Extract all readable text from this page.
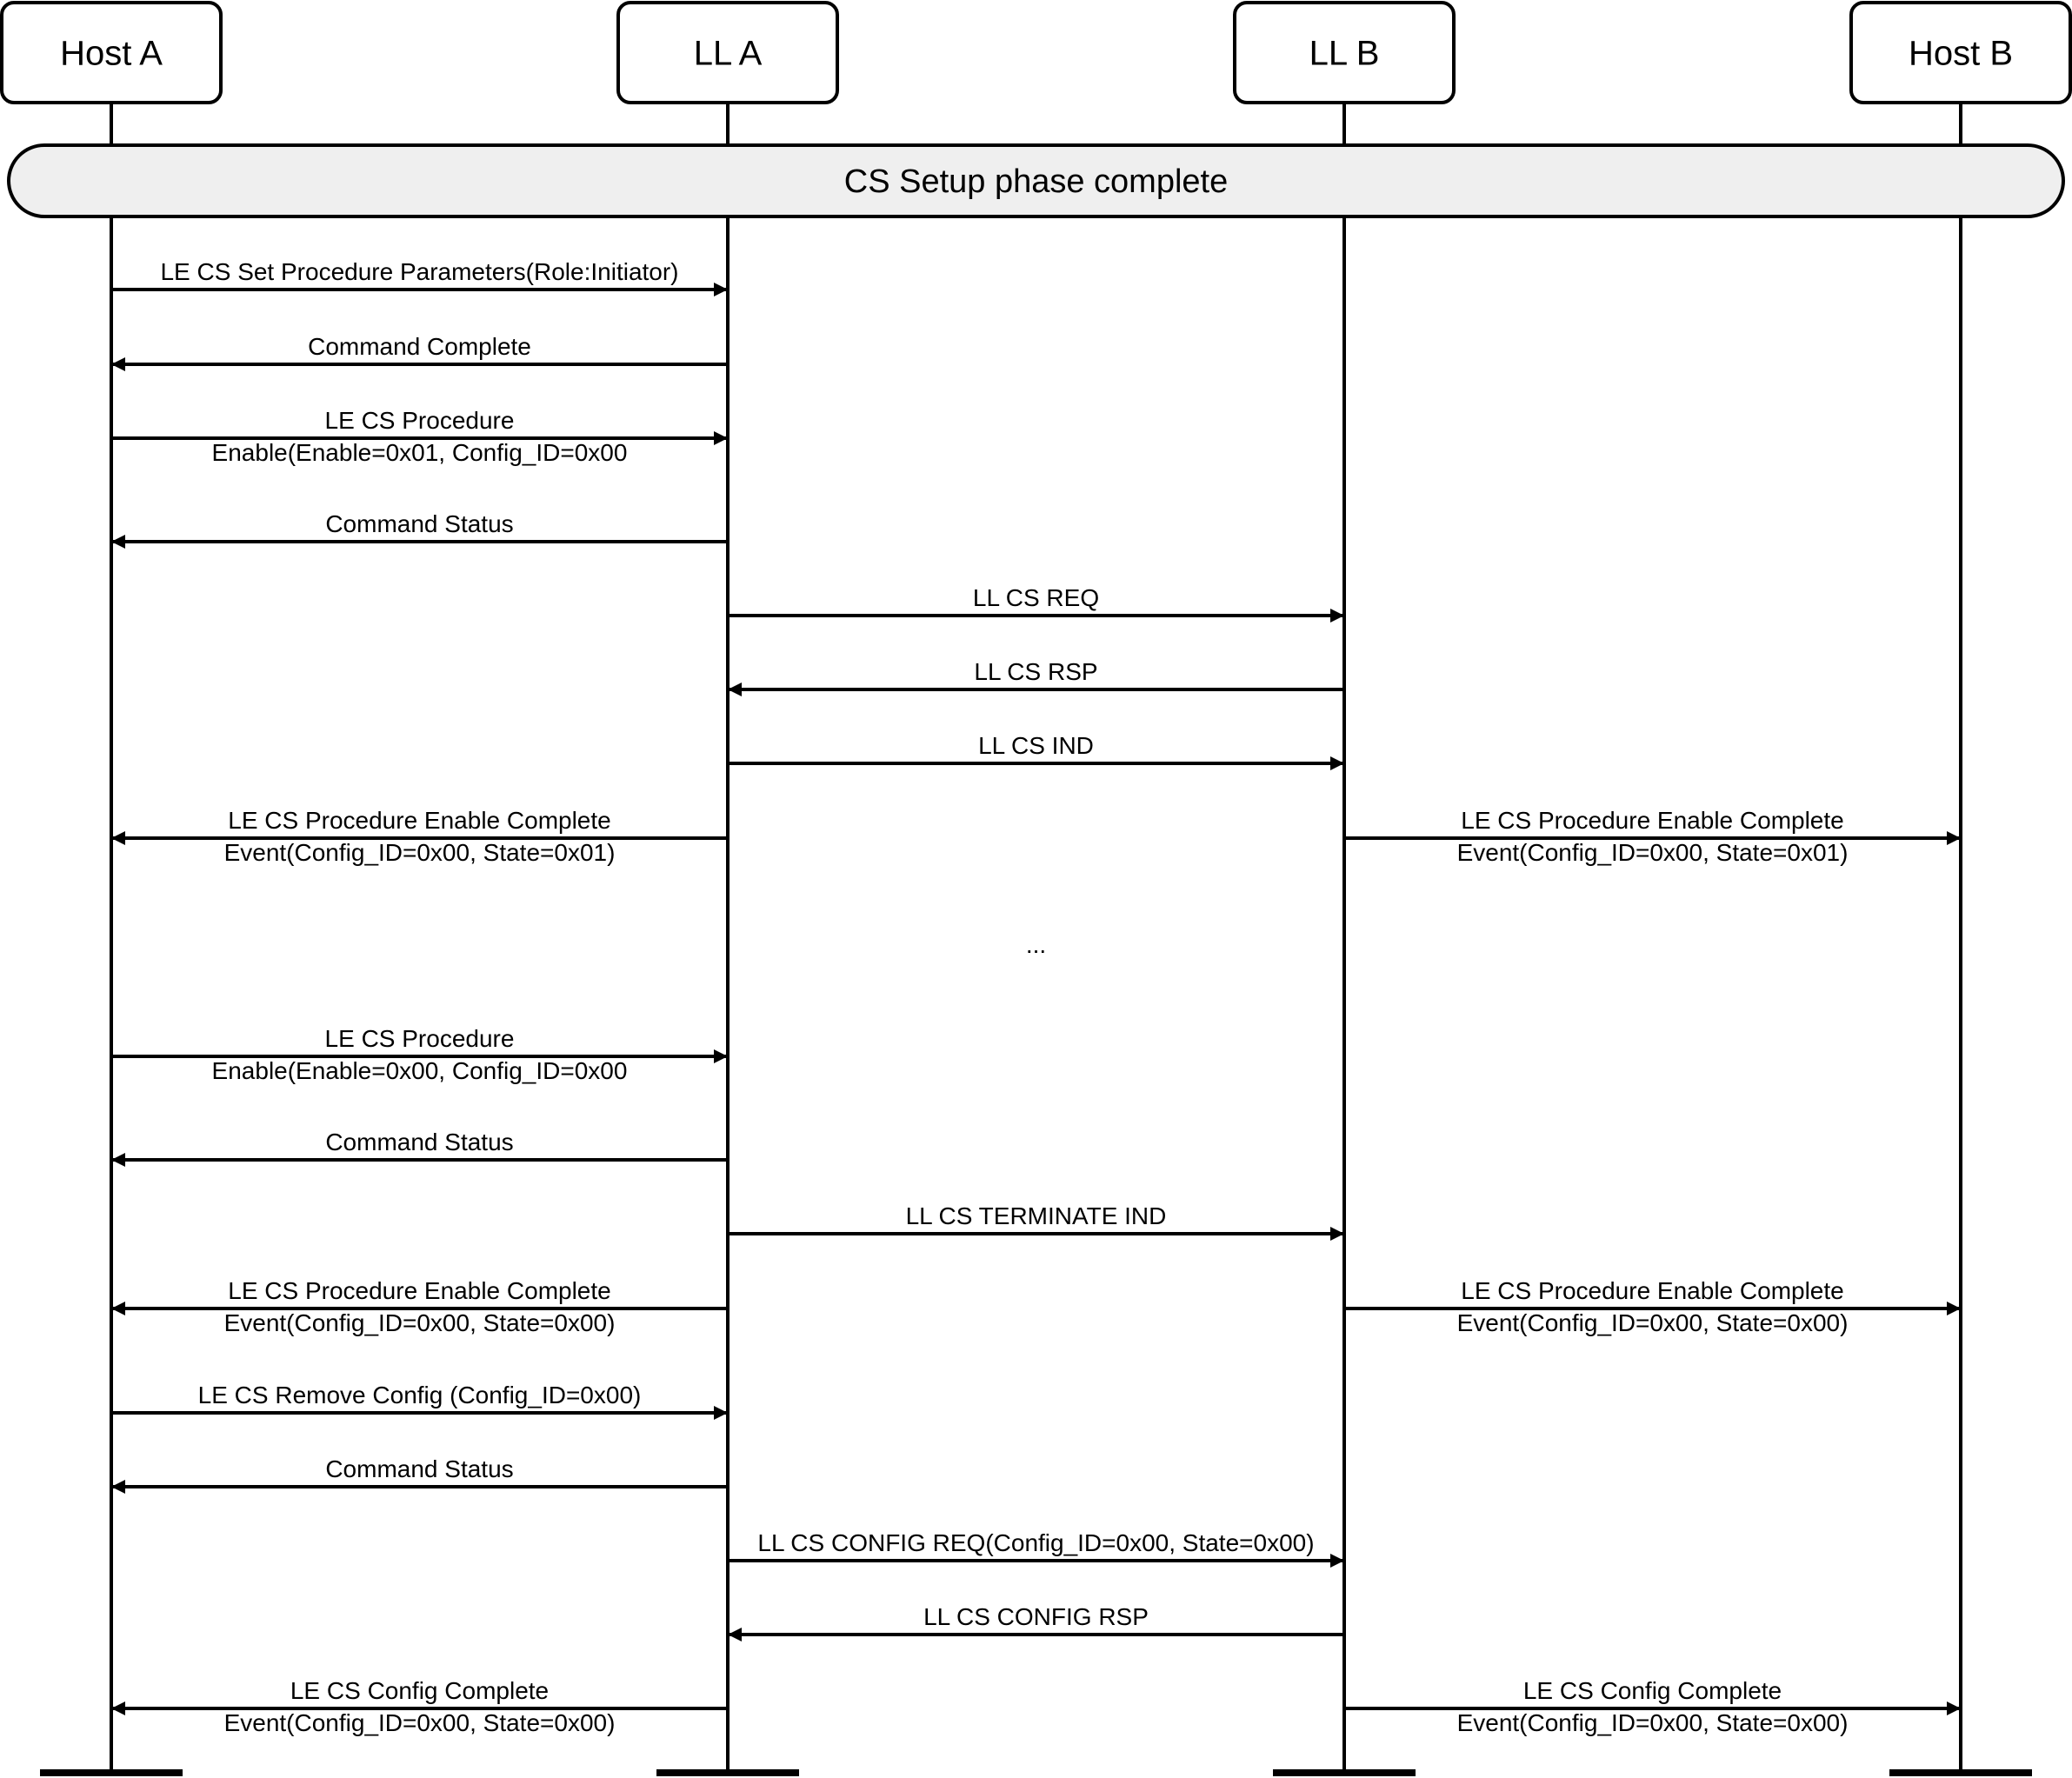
Host A	LL A	LL B	Host B
CS Setup phase complete
LE CS Set Procedure Parameters(Role:Initiator)
Command Complete
LE CS Procedure
Enable(Enable=0x01, Config_ID=0x00
Command Status
LL CS REQ
LL CS RSP
LL CS IND
LE CS Procedure Enable Complete
Event(Config_ID=0x00, State=0x01)
LE CS Procedure Enable Complete
Event(Config_ID=0x00, State=0x01)
LE CS Procedure
Enable(Enable=0x00, Config_ID=0x00
Command Status
LL CS TERMINATE IND
LE CS Procedure Enable Complete
Event(Config_ID=0x00, State=0x00)
LE CS Procedure Enable Complete
Event(Config_ID=0x00, State=0x00)
LE CS Remove Config (Config_ID=0x00)
Command Status
LL CS CONFIG REQ(Config_ID=0x00, State=0x00)
LL CS CONFIG RSP
LE CS Config Complete
Event(Config_ID=0x00, State=0x00)
LE CS Config Complete
Event(Config_ID=0x00, State=0x00)
...
